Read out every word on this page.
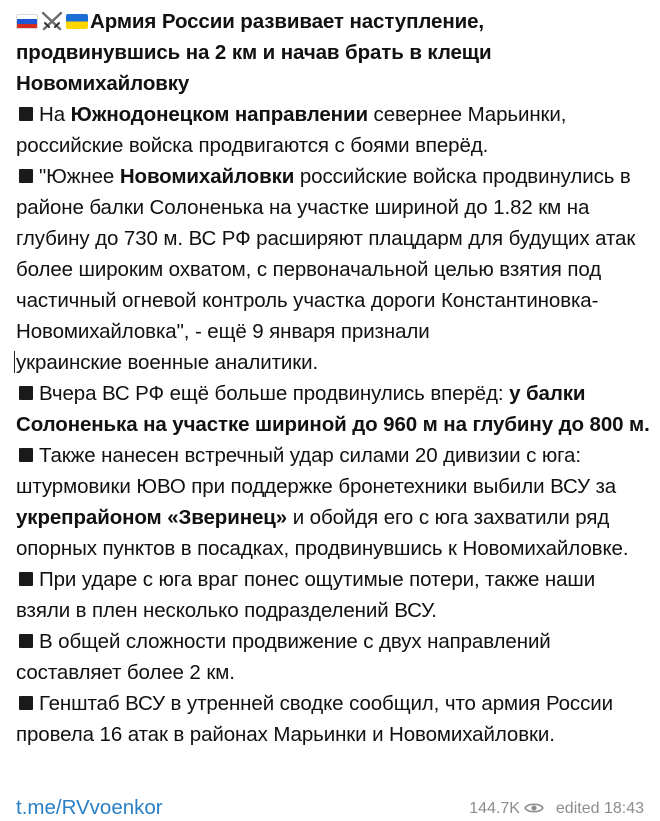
Армия России развивает наступление, продвинувшись на 2 км и начав брать в клещи Новомихайловку

На Южнодонецком направлении севернее Марьинки, российские войска продвигаются с боями вперёд.

"Южнее Новомихайловки российские войска продвинулись в районе балки Солоненька на участке шириной до 1.82 км на глубину до 730 м. ВС РФ расширяют плацдарм для будущих атак более широким охватом, с первоначальной целью взятия под частичный огневой контроль участка дороги Константиновка-Новомихайловка", - ещё 9 января признали
украинские военные аналитики.

Вчера ВС РФ ещё больше продвинулись вперёд: у балки Солоненька на участке шириной до 960 м на глубину до 800 м.

Также нанесен встречный удар силами 20 дивизии с юга: штурмовики ЮВО при поддержке бронетехники выбили ВСУ за укрепрайоном «Зверинец» и обойдя его с юга захватили ряд опорных пунктов в посадках, продвинувшись к Новомихайловке.

При ударе с юга враг понес ощутимые потери, также наши взяли в плен несколько подразделений ВСУ.

В общей сложности продвижение с двух направлений составляет более 2 км.

Генштаб ВСУ в утренней сводке сообщил, что армия России провела 16 атак в районах Марьинки и Новомихайловки.

t.me/RVvoenkor	144.7K edited 18:43
